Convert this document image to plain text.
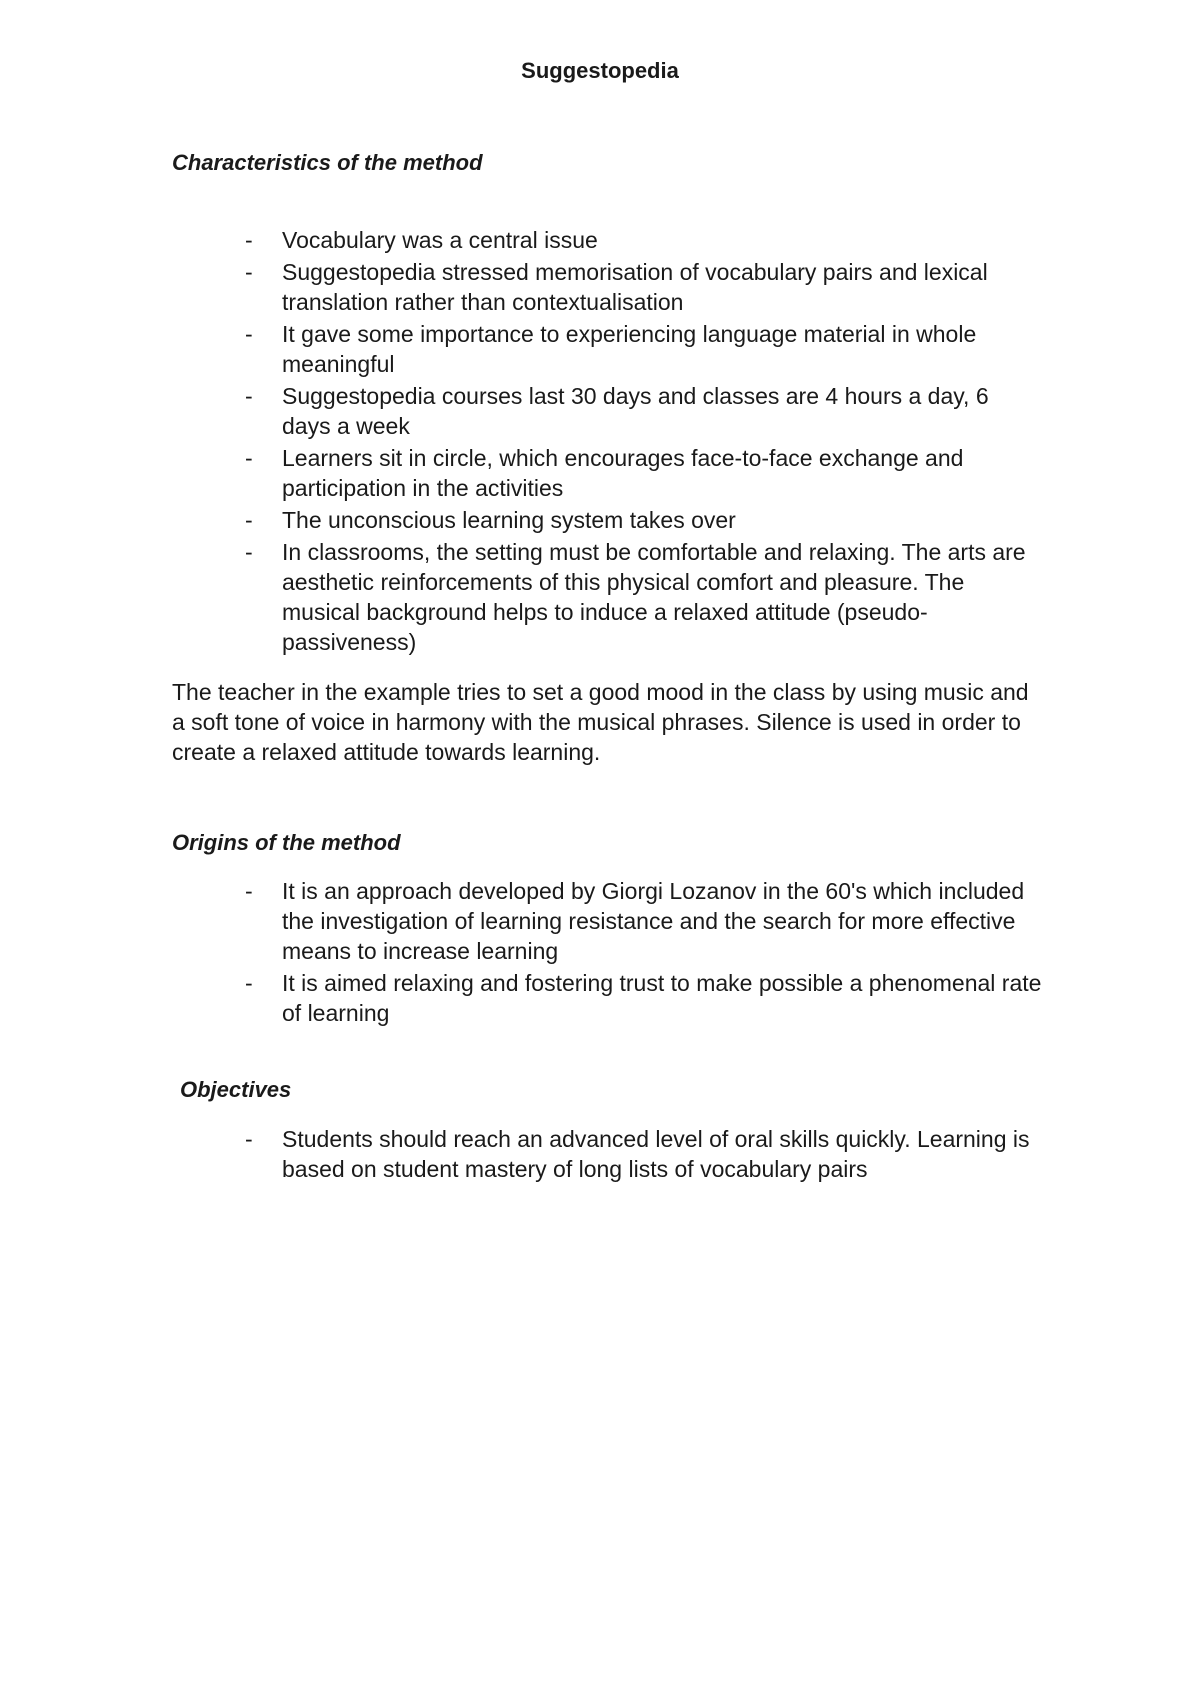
Suggestopedia
Characteristics of the method
- Vocabulary was a central issue
- Suggestopedia stressed memorisation of vocabulary pairs and lexical translation rather than contextualisation
- It gave some importance to experiencing language material in whole meaningful
- Suggestopedia courses last 30 days and classes are 4 hours a day, 6 days a week
- Learners sit in circle, which encourages face-to-face exchange and participation in the activities
- The unconscious learning system takes over
- In classrooms, the setting must be comfortable and relaxing. The arts are aesthetic reinforcements of this physical comfort and pleasure. The musical background helps to induce a relaxed attitude (pseudo-passiveness)

The teacher in the example tries to set a good mood in the class by using music and a soft tone of voice in harmony with the musical phrases. Silence is used in order to create a relaxed attitude towards learning.

Origins of the method
- It is an approach developed by Giorgi Lozanov in the 60's which included the investigation of learning resistance and the search for more effective means to increase learning
- It is aimed relaxing and fostering trust to make possible a phenomenal rate of learning
Objectives
- Students should reach an advanced level of oral skills quickly. Learning is based on student mastery of long lists of vocabulary pairs
